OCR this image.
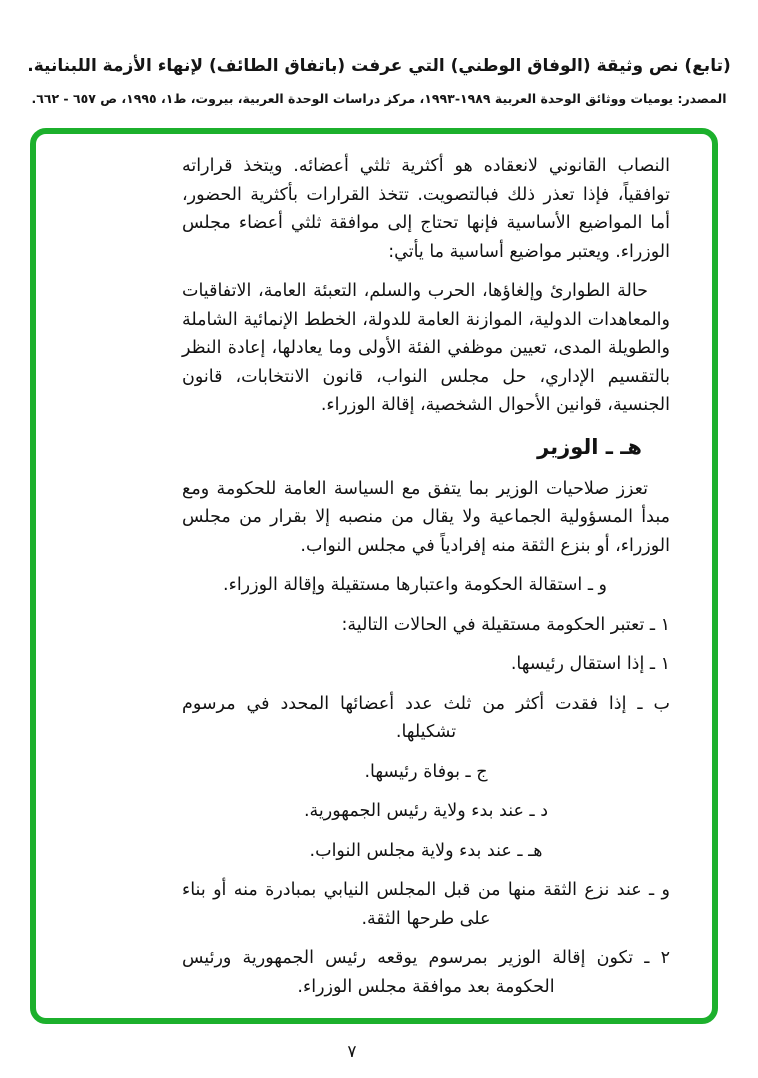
(تابع) نص وثيقة (الوفاق الوطني) التي عرفت (باتفاق الطائف) لإنهاء الأزمة اللبنانية.
المصدر: يوميات ووثائق الوحدة العربية ١٩٨٩-١٩٩٣، مركز دراسات الوحدة العربية، بيروت، ط١، ١٩٩٥، ص ٦٥٧ - ٦٦٢.

النصاب القانوني لانعقاده هو أكثرية ثلثي أعضائه. ويتخذ قراراته توافقياً، فإذا تعذر ذلك فبالتصويت. تتخذ القرارات بأكثرية الحضور، أما المواضيع الأساسية فإنها تحتاج إلى موافقة ثلثي أعضاء مجلس الوزراء. ويعتبر مواضيع أساسية ما يأتي:

حالة الطوارئ وإلغاؤها، الحرب والسلم، التعبئة العامة، الاتفاقيات والمعاهدات الدولية، الموازنة العامة للدولة، الخطط الإنمائية الشاملة والطويلة المدى، تعيين موظفي الفئة الأولى وما يعادلها، إعادة النظر بالتقسيم الإداري، حل مجلس النواب، قانون الانتخابات، قانون الجنسية، قوانين الأحوال الشخصية، إقالة الوزراء.

هـ ـ الوزير

تعزز صلاحيات الوزير بما يتفق مع السياسة العامة للحكومة ومع مبدأ المسؤولية الجماعية ولا يقال من منصبه إلا بقرار من مجلس الوزراء، أو بنزع الثقة منه إفرادياً في مجلس النواب.

و ـ استقالة الحكومة واعتبارها مستقيلة وإقالة الوزراء.

١ ـ تعتبر الحكومة مستقيلة في الحالات التالية:

١ ـ إذا استقال رئيسها.

ب ـ إذا فقدت أكثر من ثلث عدد أعضائها المحدد في مرسوم تشكيلها.

ج ـ بوفاة رئيسها.

د ـ عند بدء ولاية رئيس الجمهورية.

هـ ـ عند بدء ولاية مجلس النواب.

و ـ عند نزع الثقة منها من قبل المجلس النيابي بمبادرة منه أو بناء على طرحها الثقة.

٢ ـ تكون إقالة الوزير بمرسوم يوقعه رئيس الجمهورية ورئيس الحكومة بعد موافقة مجلس الوزراء.

٧
